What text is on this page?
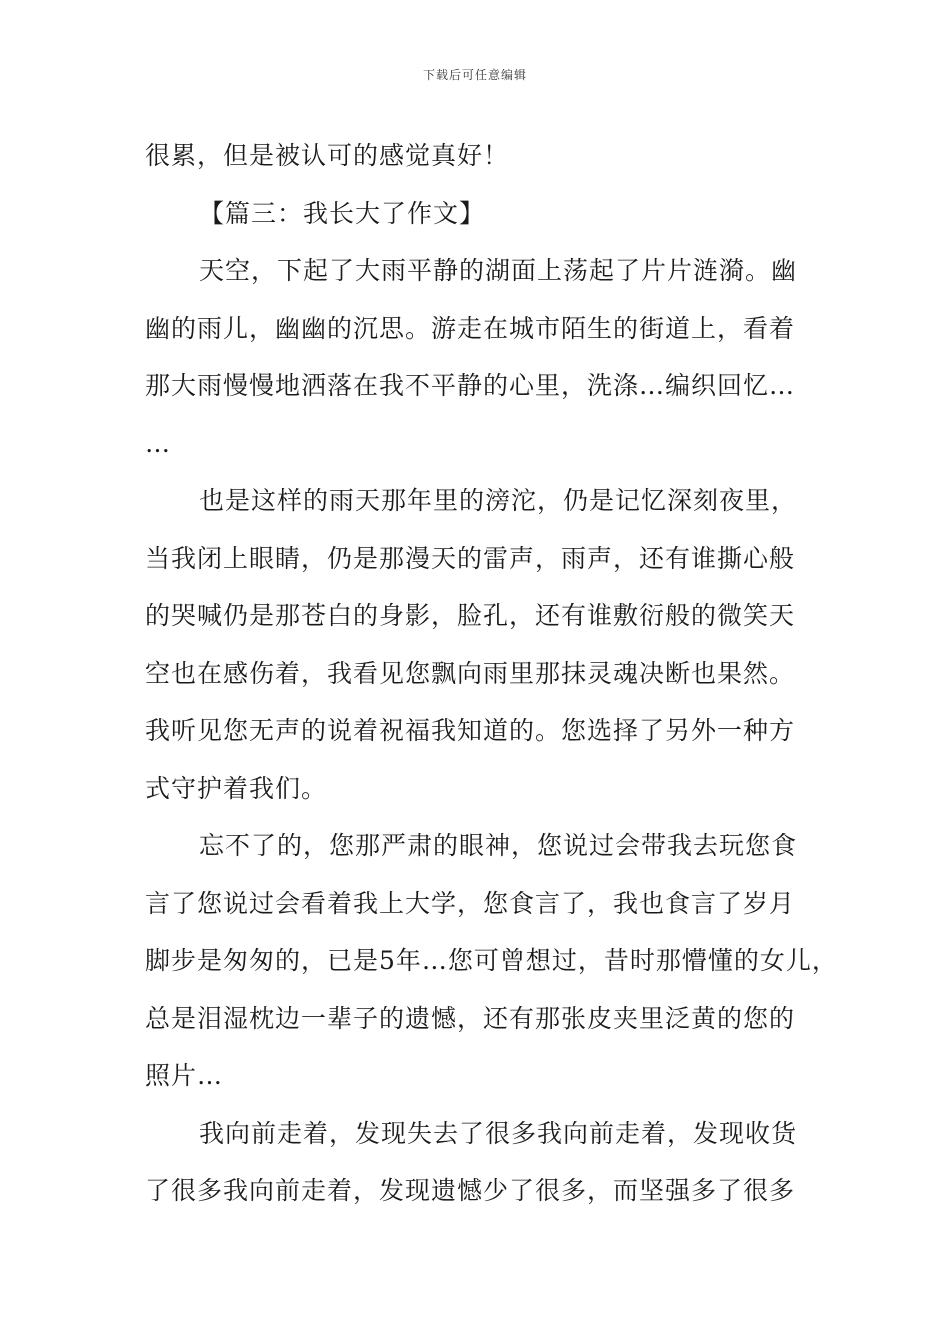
下载后可任意编辑
很累，但是被认可的感觉真好！
【篇三：我长大了作文】
天空，下起了大雨平静的湖面上荡起了片片涟漪。幽
幽的雨儿，幽幽的沉思。游走在城市陌生的街道上，看着
那大雨慢慢地洒落在我不平静的心里，洗涤…编织回忆…
…
也是这样的雨天那年里的滂沱，仍是记忆深刻夜里，
当我闭上眼睛，仍是那漫天的雷声，雨声，还有谁撕心般
的哭喊仍是那苍白的身影，脸孔，还有谁敷衍般的微笑天
空也在感伤着，我看见您飘向雨里那抹灵魂决断也果然。
我听见您无声的说着祝福我知道的。您选择了另外一种方
式守护着我们。
忘不了的，您那严肃的眼神，您说过会带我去玩您食
言了您说过会看着我上大学，您食言了，我也食言了岁月
脚步是匆匆的，已是5年…您可曾想过，昔时那懵懂的女儿，
总是泪湿枕边一辈子的遗憾，还有那张皮夹里泛黄的您的
照片…
我向前走着，发现失去了很多我向前走着，发现收货
了很多我向前走着，发现遗憾少了很多，而坚强多了很多
